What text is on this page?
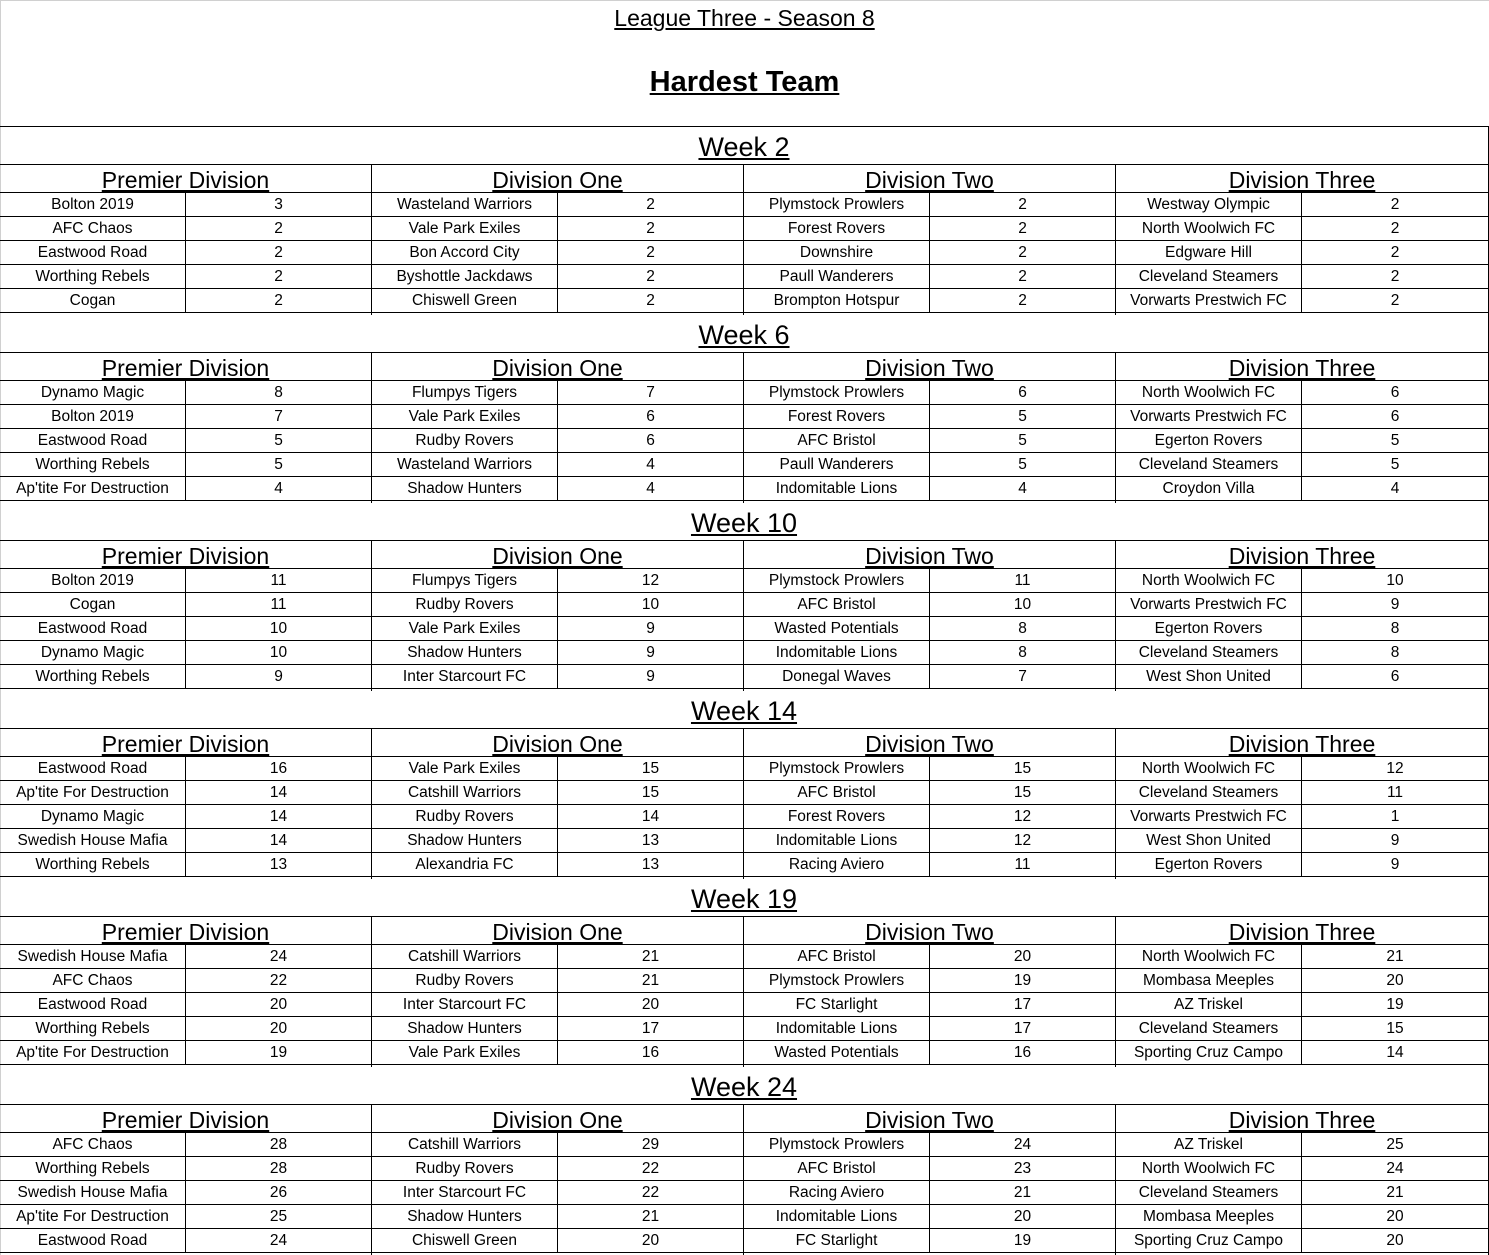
League Three - Season 8
Hardest Team
Week 2
Premier Division
Bolton 2019	3
AFC Chaos	2
Eastwood Road	2
Worthing Rebels	2
Cogan	2
Division One
Wasteland Warriors	2
Vale Park Exiles	2
Bon Accord City	2
Byshottle Jackdaws	2
Chiswell Green	2
Division Two
Plymstock Prowlers	2
Forest Rovers	2
Downshire	2
Paull Wanderers	2
Brompton Hotspur	2
Division Three
Westway Olympic	2
North Woolwich FC	2
Edgware Hill	2
Cleveland Steamers	2
Vorwarts Prestwich FC	2
Week 6
Premier Division
Dynamo Magic	8
Bolton 2019	7
Eastwood Road	5
Worthing Rebels	5
Ap'tite For Destruction	4
Division One
Flumpys Tigers	7
Vale Park Exiles	6
Rudby Rovers	6
Wasteland Warriors	4
Shadow Hunters	4
Division Two
Plymstock Prowlers	6
Forest Rovers	5
AFC Bristol	5
Paull Wanderers	5
Indomitable Lions	4
Division Three
North Woolwich FC	6
Vorwarts Prestwich FC	6
Egerton Rovers	5
Cleveland Steamers	5
Croydon Villa	4
Week 10
Premier Division
Bolton 2019	11
Cogan	11
Eastwood Road	10
Dynamo Magic	10
Worthing Rebels	9
Division One
Flumpys Tigers	12
Rudby Rovers	10
Vale Park Exiles	9
Shadow Hunters	9
Inter Starcourt FC	9
Division Two
Plymstock Prowlers	11
AFC Bristol	10
Wasted Potentials	8
Indomitable Lions	8
Donegal Waves	7
Division Three
North Woolwich FC	10
Vorwarts Prestwich FC	9
Egerton Rovers	8
Cleveland Steamers	8
West Shon United	6
Week 14
Premier Division
Eastwood Road	16
Ap'tite For Destruction	14
Dynamo Magic	14
Swedish House Mafia	14
Worthing Rebels	13
Division One
Vale Park Exiles	15
Catshill Warriors	15
Rudby Rovers	14
Shadow Hunters	13
Alexandria FC	13
Division Two
Plymstock Prowlers	15
AFC Bristol	15
Forest Rovers	12
Indomitable Lions	12
Racing Aviero	11
Division Three
North Woolwich FC	12
Cleveland Steamers	11
Vorwarts Prestwich FC	1
West Shon United	9
Egerton Rovers	9
Week 19
Premier Division
Swedish House Mafia	24
AFC Chaos	22
Eastwood Road	20
Worthing Rebels	20
Ap'tite For Destruction	19
Division One
Catshill Warriors	21
Rudby Rovers	21
Inter Starcourt FC	20
Shadow Hunters	17
Vale Park Exiles	16
Division Two
AFC Bristol	20
Plymstock Prowlers	19
FC Starlight	17
Indomitable Lions	17
Wasted Potentials	16
Division Three
North Woolwich FC	21
Mombasa Meeples	20
AZ Triskel	19
Cleveland Steamers	15
Sporting Cruz Campo	14
Week 24
Premier Division
AFC Chaos	28
Worthing Rebels	28
Swedish House Mafia	26
Ap'tite For Destruction	25
Eastwood Road	24
Division One
Catshill Warriors	29
Rudby Rovers	22
Inter Starcourt FC	22
Shadow Hunters	21
Chiswell Green	20
Division Two
Plymstock Prowlers	24
AFC Bristol	23
Racing Aviero	21
Indomitable Lions	20
FC Starlight	19
Division Three
AZ Triskel	25
North Woolwich FC	24
Cleveland Steamers	21
Mombasa Meeples	20
Sporting Cruz Campo	20
